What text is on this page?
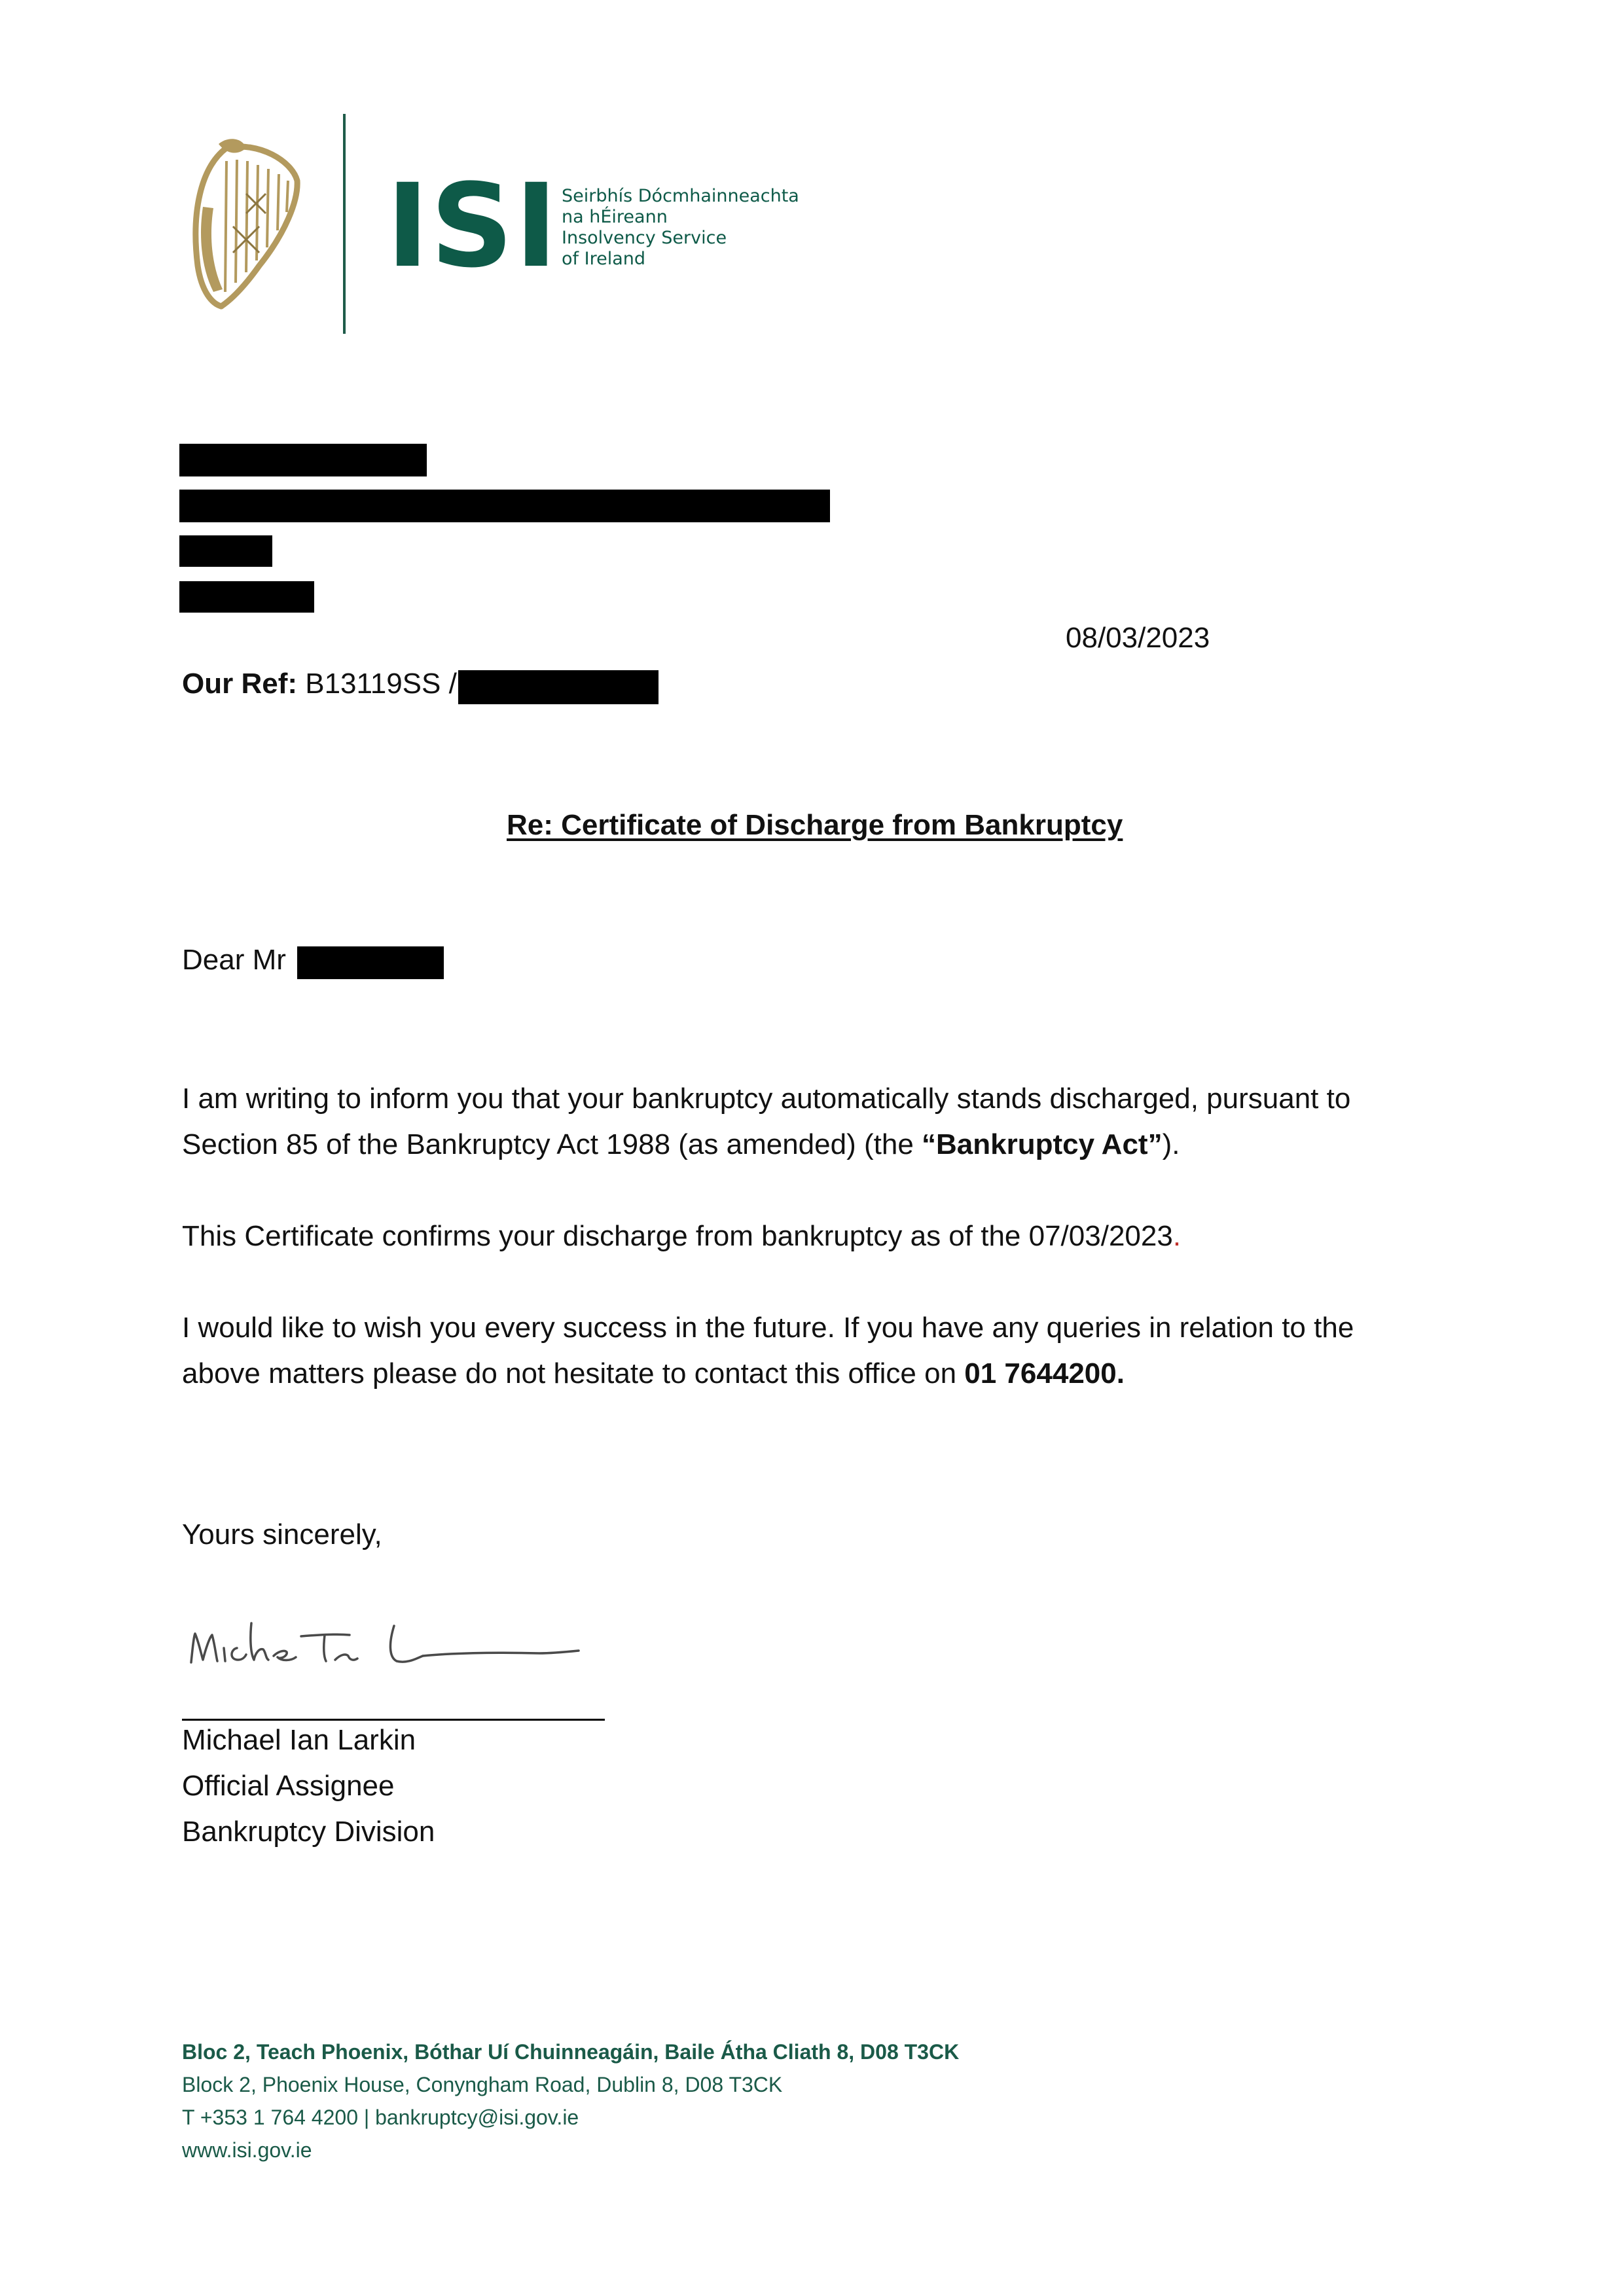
ISI Seirbhís Dócmhainneachta
na hÉireann
Insolvency Service
of Ireland
08/03/2023
Our Ref: B13119SS /
Re: Certificate of Discharge from Bankruptcy
Dear Mr
I am writing to inform you that your bankruptcy automatically stands discharged, pursuant to
Section 85 of the Bankruptcy Act 1988 (as amended) (the “Bankruptcy Act”).
This Certificate confirms your discharge from bankruptcy as of the 07/03/2023.
I would like to wish you every success in the future. If you have any queries in relation to the
above matters please do not hesitate to contact this office on 01 7644200.
Yours sincerely,
Michael Ian Larkin
Official Assignee
Bankruptcy Division
Bloc 2, Teach Phoenix, Bóthar Uí Chuinneagáin, Baile Átha Cliath 8, D08 T3CK
Block 2, Phoenix House, Conyngham Road, Dublin 8, D08 T3CK
T +353 1 764 4200 | bankruptcy@isi.gov.ie
www.isi.gov.ie
